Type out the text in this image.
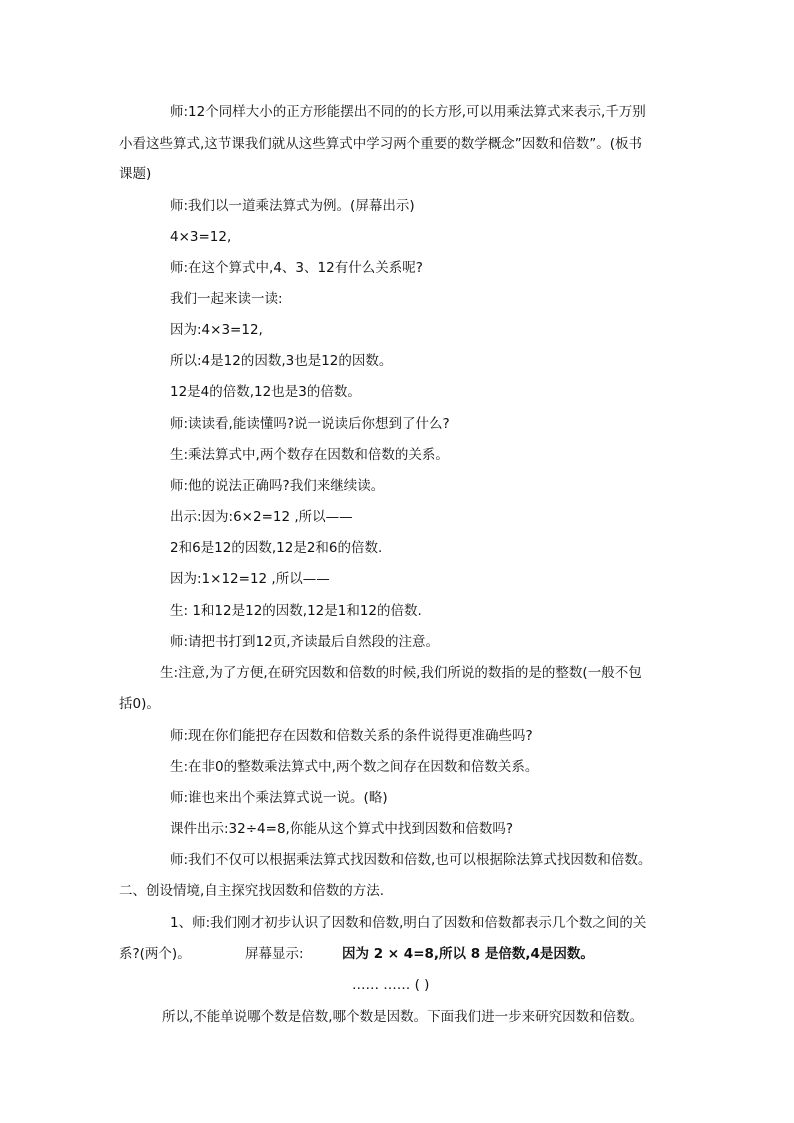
师:12个同样大小的正方形能摆出不同的的长方形,可以用乘法算式来表示,千万别
小看这些算式,这节课我们就从这些算式中学习两个重要的数学概念”因数和倍数”。(板书
课题)
师:我们以一道乘法算式为例。(屏幕出示)
4×3=12,
师:在这个算式中,4、3、12有什么关系呢?
我们一起来读一读:
因为:4×3=12,
所以:4是12的因数,3也是12的因数。
12是4的倍数,12也是3的倍数。
师:读读看,能读懂吗?说一说读后你想到了什么?
生:乘法算式中,两个数存在因数和倍数的关系。
师:他的说法正确吗?我们来继续读。
出示:因为:6×2=12 ,所以——
2和6是12的因数,12是2和6的倍数.
因为:1×12=12 ,所以——
生: 1和12是12的因数,12是1和12的倍数.
师:请把书打到12页,齐读最后自然段的注意。
生:注意,为了方便,在研究因数和倍数的时候,我们所说的数指的是的整数(一般不包
括0)。
师:现在你们能把存在因数和倍数关系的条件说得更准确些吗?
生:在非0的整数乘法算式中,两个数之间存在因数和倍数关系。
师:谁也来出个乘法算式说一说。(略)
课件出示:32÷4=8,你能从这个算式中找到因数和倍数吗?
师:我们不仅可以根据乘法算式找因数和倍数,也可以根据除法算式找因数和倍数。
二、创设情境,自主探究找因数和倍数的方法.
1、师:我们刚才初步认识了因数和倍数,明白了因数和倍数都表示几个数之间的关
系?(两个)。	屏幕显示:	因为 2 × 4=8,所以 8 是倍数,4是因数。
…… …… ( )
所以,不能单说哪个数是倍数,哪个数是因数。下面我们进一步来研究因数和倍数。
